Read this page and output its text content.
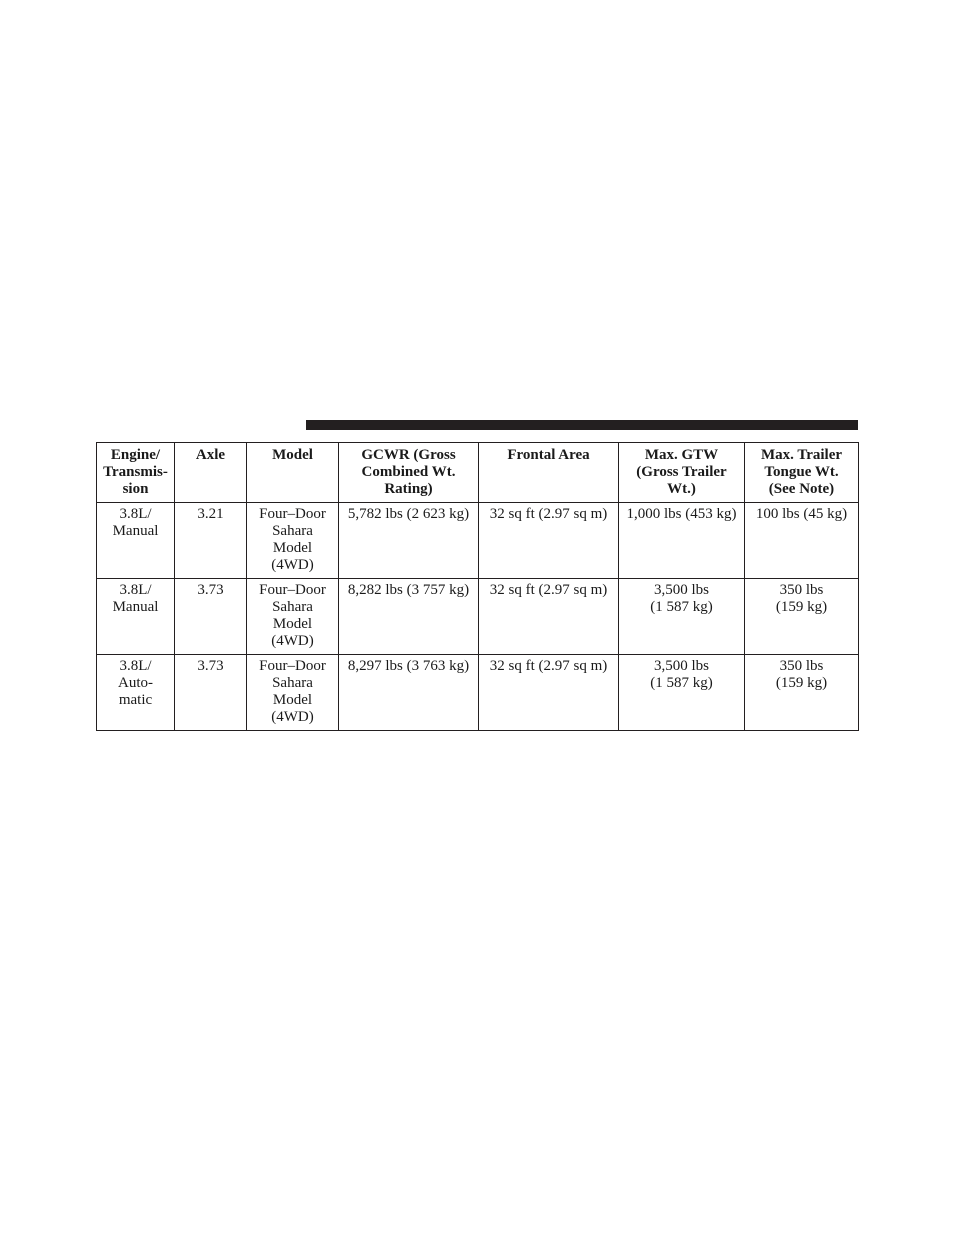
Engine/
Transmis-
sion	Axle	Model	GCWR (Gross
Combined Wt.
Rating)	Frontal Area	Max. GTW
(Gross Trailer
Wt.)	Max. Trailer
Tongue Wt.
(See Note)
3.8L/
Manual	3.21	Four–Door
Sahara
Model
(4WD)	5,782 lbs (2 623 kg)	32 sq ft (2.97 sq m)	1,000 lbs (453 kg)	100 lbs (45 kg)
3.8L/
Manual	3.73	Four–Door
Sahara
Model
(4WD)	8,282 lbs (3 757 kg)	32 sq ft (2.97 sq m)	3,500 lbs
(1 587 kg)	350 lbs
(159 kg)
3.8L/
Auto-
matic	3.73	Four–Door
Sahara
Model
(4WD)	8,297 lbs (3 763 kg)	32 sq ft (2.97 sq m)	3,500 lbs
(1 587 kg)	350 lbs
(159 kg)
